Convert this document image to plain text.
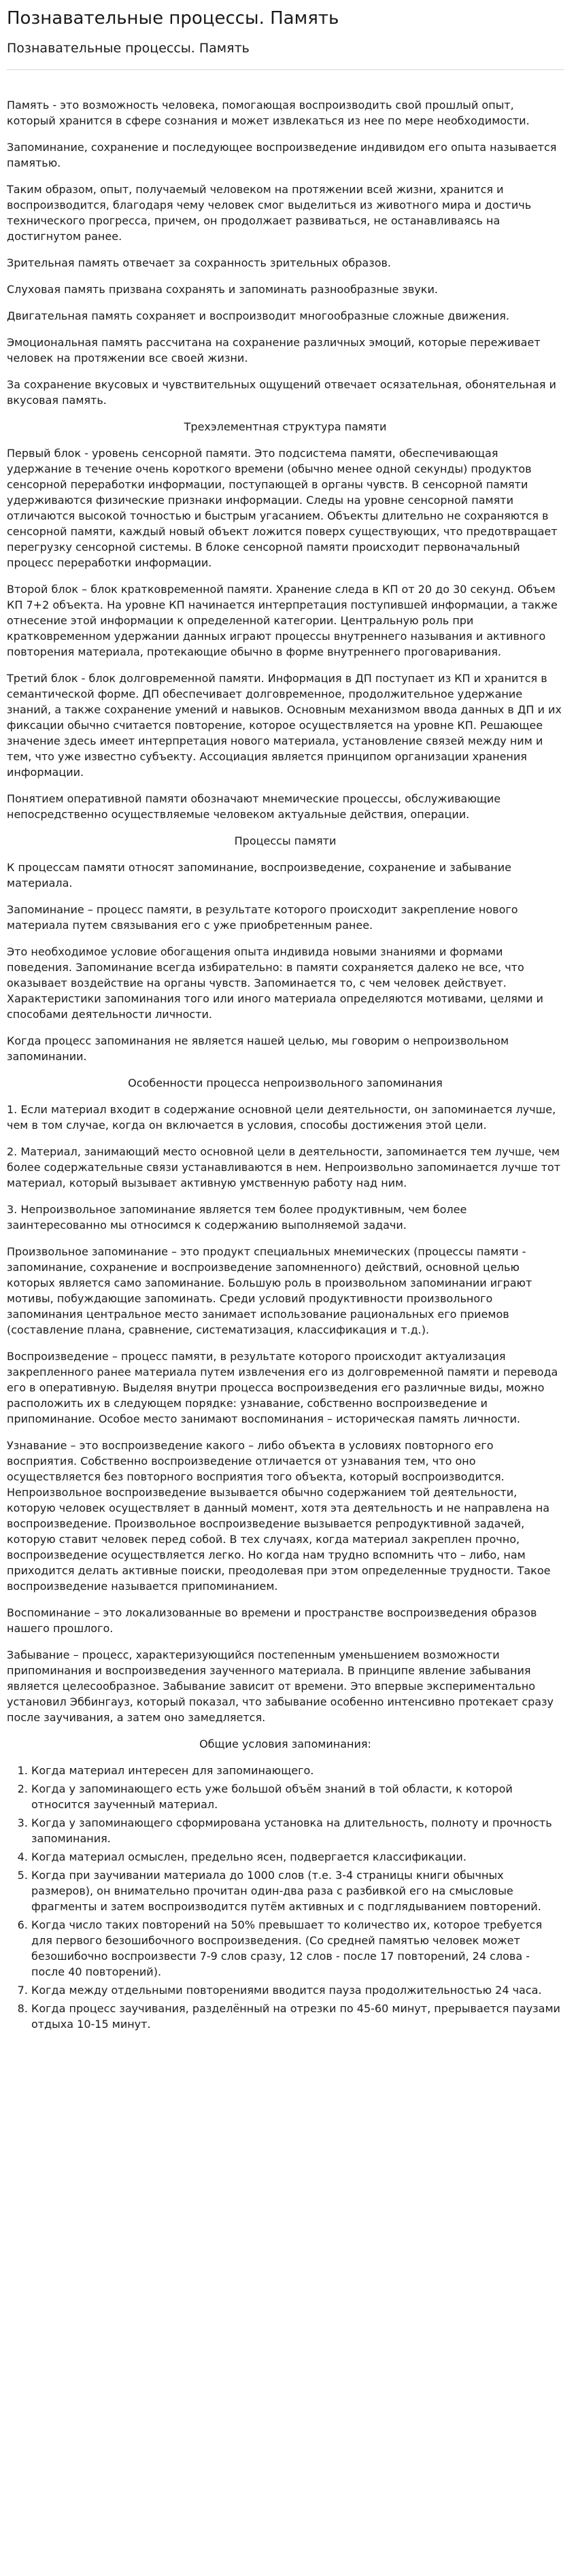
Познавательные процессы. Память
Познавательные процессы. Память

Память - это возможность человека, помогающая воспроизводить свой прошлый опыт, который хранится в сфере сознания и может извлекаться из нее по мере необходимости.

Запоминание, сохранение и последующее воспроизведение индивидом его опыта называется памятью.

Таким образом, опыт, получаемый человеком на протяжении всей жизни, хранится и воспроизводится, благодаря чему человек смог выделиться из животного мира и достичь технического прогресса, причем, он продолжает развиваться, не останавливаясь на достигнутом ранее.

Зрительная память отвечает за сохранность зрительных образов.

Слуховая память призвана сохранять и запоминать разнообразные звуки.

Двигательная память сохраняет и воспроизводит многообразные сложные движения.

Эмоциональная память рассчитана на сохранение различных эмоций, которые переживает человек на протяжении все своей жизни.

За сохранение вкусовых и чувствительных ощущений отвечает осязательная, обонятельная и вкусовая память.

Трехэлементная структура памяти

Первый блок - уровень сенсорной памяти. Это подсистема памяти, обеспечивающая удержание в течение очень короткого времени (обычно менее одной секунды) продуктов сенсорной переработки информации, поступающей в органы чувств. В сенсорной памяти удерживаются физические признаки информации. Следы на уровне сенсорной памяти отличаются высокой точностью и быстрым угасанием. Объекты длительно не сохраняются в сенсорной памяти, каждый новый объект ложится поверх существующих, что предотвращает перегрузку сенсорной системы. В блоке сенсорной памяти происходит первоначальный процесс переработки информации.

Второй блок – блок кратковременной памяти. Хранение следа в КП от 20 до 30 секунд. Объем КП 7+2 объекта. На уровне КП начинается интерпретация поступившей информации, а также отнесение этой информации к определенной категории. Центральную роль при кратковременном удержании данных играют процессы внутреннего называния и активного повторения материала, протекающие обычно в форме внутреннего проговаривания.

Третий блок - блок долговременной памяти. Информация в ДП поступает из КП и хранится в семантической форме. ДП обеспечивает долговременное, продолжительное удержание знаний, а также сохранение умений и навыков. Основным механизмом ввода данных в ДП и их фиксации обычно считается повторение, которое осуществляется на уровне КП. Решающее значение здесь имеет интерпретация нового материала, установление связей между ним и тем, что уже известно субъекту. Ассоциация является принципом организации хранения информации.

Понятием оперативной памяти обозначают мнемические процессы, обслуживающие непосредственно осуществляемые человеком актуальные действия, операции.

Процессы памяти

К процессам памяти относят запоминание, воспроизведение, сохранение и забывание материала.

Запоминание – процесс памяти, в результате которого происходит закрепление нового материала путем связывания его с уже приобретенным ранее.

Это необходимое условие обогащения опыта индивида новыми знаниями и формами поведения. Запоминание всегда избирательно: в памяти сохраняется далеко не все, что оказывает воздействие на органы чувств. Запоминается то, с чем человек действует. Характеристики запоминания того или иного материала определяются мотивами, целями и способами деятельности личности.

Когда процесс запоминания не является нашей целью, мы говорим о непроизвольном запоминании.

Особенности процесса непроизвольного запоминания

1. Если материал входит в содержание основной цели деятельности, он запоминается лучше, чем в том случае, когда он включается в условия, способы достижения этой цели.

2. Материал, занимающий место основной цели в деятельности, запоминается тем лучше, чем более содержательные связи устанавливаются в нем. Непроизвольно запоминается лучше тот материал, который вызывает активную умственную работу над ним.

3. Непроизвольное запоминание является тем более продуктивным, чем более заинтересованно мы относимся к содержанию выполняемой задачи.

Произвольное запоминание – это продукт специальных мнемических (процессы памяти - запоминание, сохранение и воспроизведение запомненного) действий, основной целью которых является само запоминание. Большую роль в произвольном запоминании играют мотивы, побуждающие запоминать. Среди условий продуктивности произвольного запоминания центральное место занимает использование рациональных его приемов (составление плана, сравнение, систематизация, классификация и т.д.).

Воспроизведение – процесс памяти, в результате которого происходит актуализация закрепленного ранее материала путем извлечения его из долговременной памяти и перевода его в оперативную. Выделяя внутри процесса воспроизведения его различные виды, можно расположить их в следующем порядке: узнавание, собственно воспроизведение и припоминание. Особое место занимают воспоминания – историческая память личности.

Узнавание – это воспроизведение какого – либо объекта в условиях повторного его восприятия. Собственно воспроизведение отличается от узнавания тем, что оно осуществляется без повторного восприятия того объекта, который воспроизводится. Непроизвольное воспроизведение вызывается обычно содержанием той деятельности, которую человек осуществляет в данный момент, хотя эта деятельность и не направлена на воспроизведение. Произвольное воспроизведение вызывается репродуктивной задачей, которую ставит человек перед собой. В тех случаях, когда материал закреплен прочно, воспроизведение осуществляется легко. Но когда нам трудно вспомнить что – либо, нам приходится делать активные поиски, преодолевая при этом определенные трудности. Такое воспроизведение называется припоминанием.

Воспоминание – это локализованные во времени и пространстве воспроизведения образов нашего прошлого.

Забывание – процесс, характеризующийся постепенным уменьшением возможности припоминания и воспроизведения заученного материала. В принципе явление забывания является целесообразное. Забывание зависит от времени. Это впервые экспериментально установил Эббингауз, который показал, что забывание особенно интенсивно протекает сразу после заучивания, а затем оно замедляется.

Общие условия запоминания:

1. Когда материал интересен для запоминающего.
2. Когда у запоминающего есть уже большой объём знаний в той области, к которой относится заученный материал.
3. Когда у запоминающего сформирована установка на длительность, полноту и прочность запоминания.
4. Когда материал осмыслен, предельно ясен, подвергается классификации.
5. Когда при заучивании материала до 1000 слов (т.е. 3-4 страницы книги обычных размеров), он внимательно прочитан один-два раза с разбивкой его на смысловые фрагменты и затем воспроизводится путём активных и с подглядыванием повторений.
6. Когда число таких повторений на 50% превышает то количество их, которое требуется для первого безошибочного воспроизведения. (Со средней памятью человек может безошибочно воспроизвести 7-9 слов сразу, 12 слов - после 17 повторений, 24 слова - после 40 повторений).
7. Когда между отдельными повторениями вводится пауза продолжительностью 24 часа.
8. Когда процесс заучивания, разделённый на отрезки по 45-60 минут, прерывается паузами отдыха 10-15 минут.
